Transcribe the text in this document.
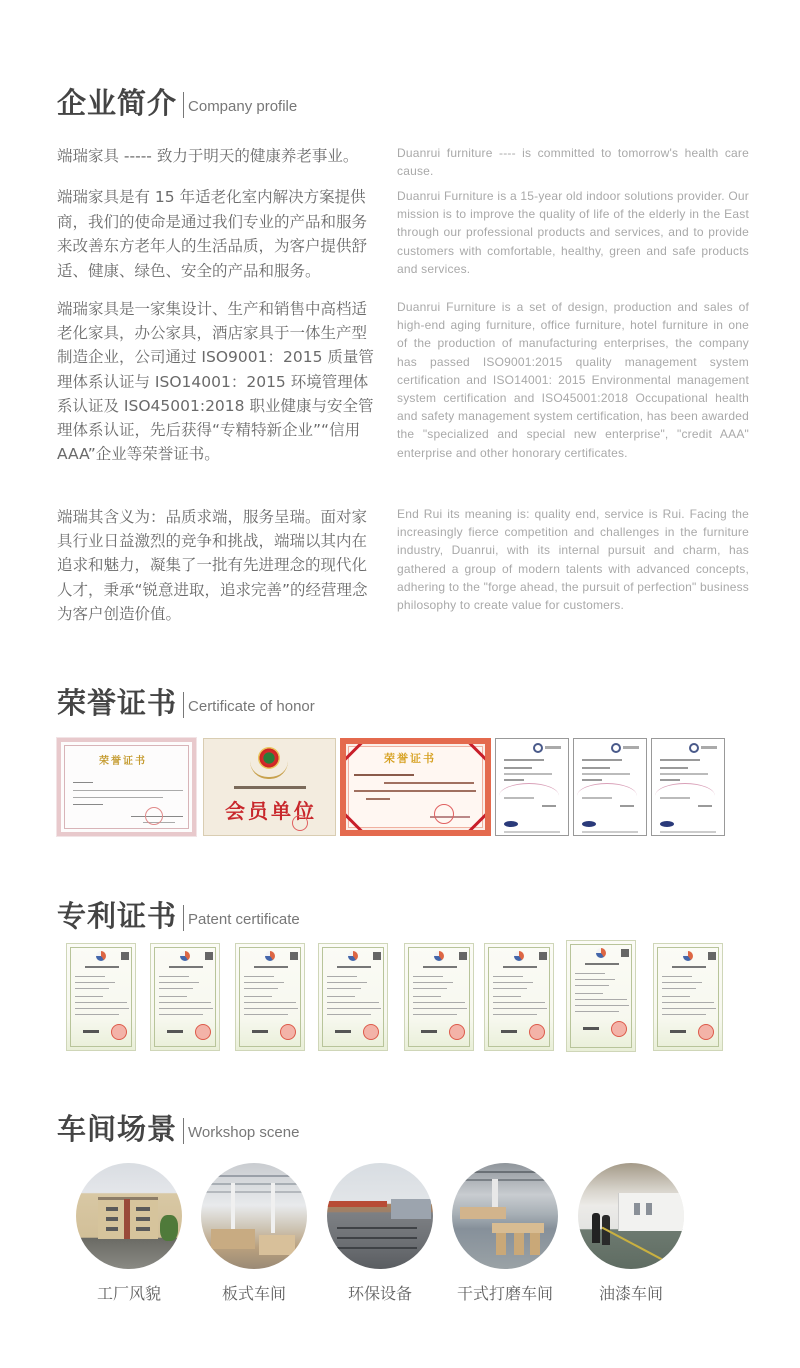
企业简介 Company profile

端瑞家具 ----- 致力于明天的健康养老事业。

端瑞家具是有 15 年适老化室内解决方案提供商，我们的使命是通过我们专业的产品和服务来改善东方老年人的生活品质，为客户提供舒适、健康、绿色、安全的产品和服务。

端瑞家具是一家集设计、生产和销售中高档适老化家具，办公家具，酒店家具于一体生产型制造企业，公司通过 ISO9001：2015 质量管理体系认证与 ISO14001：2015 环境管理体系认证及 ISO45001:2018 职业健康与安全管理体系认证，先后获得“专精特新企业”“信用 AAA”企业等荣誉证书。

端瑞其含义为：品质求端，服务呈瑞。面对家具行业日益激烈的竞争和挑战，端瑞以其内在追求和魅力，凝集了一批有先进理念的现代化人才，秉承“锐意进取，追求完善”的经营理念为客户创造价值。

Duanrui furniture ---- is committed to tomorrow's health care cause.

Duanrui Furniture is a 15-year old indoor solutions provider. Our mission is to improve the quality of life of the elderly in the East through our professional products and services, and to provide customers with comfortable, healthy, green and safe products and services.

Duanrui Furniture is a set of design, production and sales of high-end aging furniture, office furniture, hotel furniture in one of the production of manufacturing enterprises, the company has passed ISO9001:2015 quality management system certification and ISO14001: 2015 Environmental management system certification and ISO45001:2018 Occupational health and safety management system certification, has been awarded the "specialized and special new enterprise", "credit AAA" enterprise and other honorary certificates.

End Rui its meaning is: quality end, service is Rui. Facing the increasingly fierce competition and challenges in the furniture industry, Duanrui, with its internal pursuit and charm, has gathered a group of modern talents with advanced concepts, adhering to the "forge ahead, the pursuit of perfection" business philosophy to create value for customers.

荣誉证书 Certificate of honor
荣誉证书
会员单位
荣誉证书
专利证书 Patent certificate
车间场景 Workshop scene
工厂风貌	板式车间	环保设备	干式打磨车间	油漆车间
